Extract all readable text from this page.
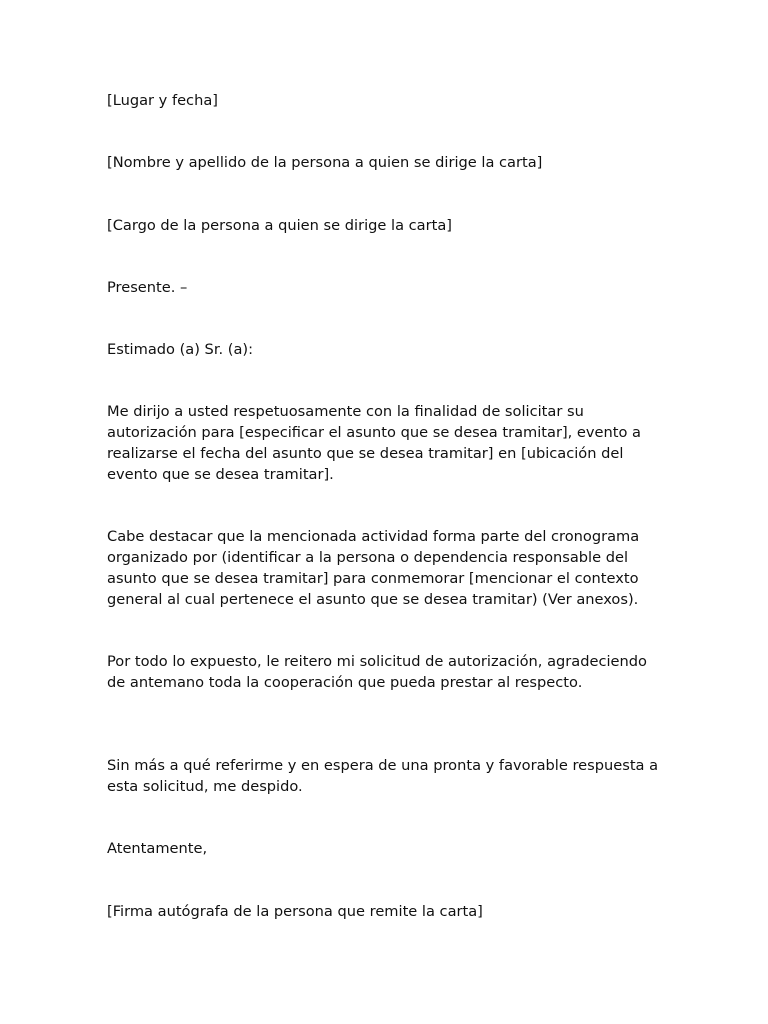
[Lugar y fecha]

[Nombre y apellido de la persona a quien se dirige la carta]

[Cargo de la persona a quien se dirige la carta]

Presente. –

Estimado (a) Sr. (a):

Me dirijo a usted respetuosamente con la finalidad de solicitar su autorización para [especificar el asunto que se desea tramitar], evento a realizarse el fecha del asunto que se desea tramitar] en [ubicación del evento que se desea tramitar].

Cabe destacar que la mencionada actividad forma parte del cronograma organizado por (identificar a la persona o dependencia responsable del asunto que se desea tramitar] para conmemorar [mencionar el contexto general al cual pertenece el asunto que se desea tramitar) (Ver anexos).

Por todo lo expuesto, le reitero mi solicitud de autorización, agradeciendo de antemano toda la cooperación que pueda prestar al respecto.

Sin más a qué referirme y en espera de una pronta y favorable respuesta a esta solicitud, me despido.

Atentamente,

[Firma autógrafa de la persona que remite la carta]
